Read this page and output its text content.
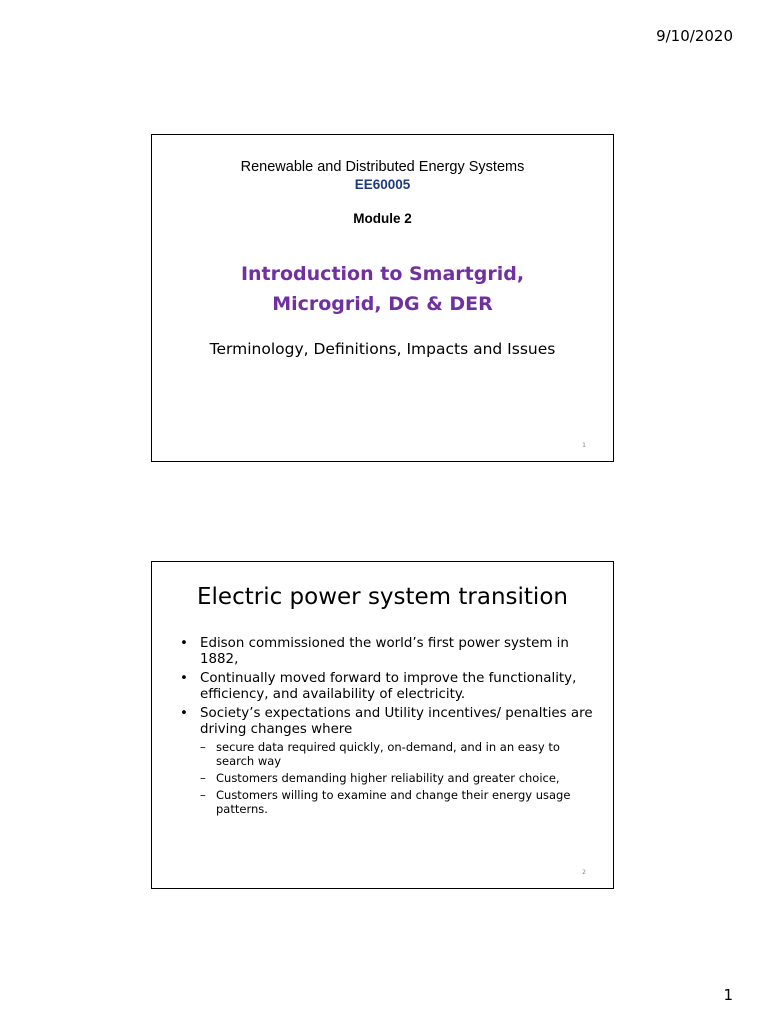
9/10/2020
Renewable and Distributed Energy Systems
EE60005
Module 2
Introduction to Smartgrid,
Microgrid, DG & DER
Terminology, Definitions, Impacts and Issues
1
Electric power system transition
• Edison commissioned the world’s first power system in 1882,
• Continually moved forward to improve the functionality, efficiency, and availability of electricity.
• Society’s expectations and Utility incentives/ penalties are driving changes where
– secure data required quickly, on-demand, and in an easy to search way
– Customers demanding higher reliability and greater choice,
– Customers willing to examine and change their energy usage patterns.
2
1
